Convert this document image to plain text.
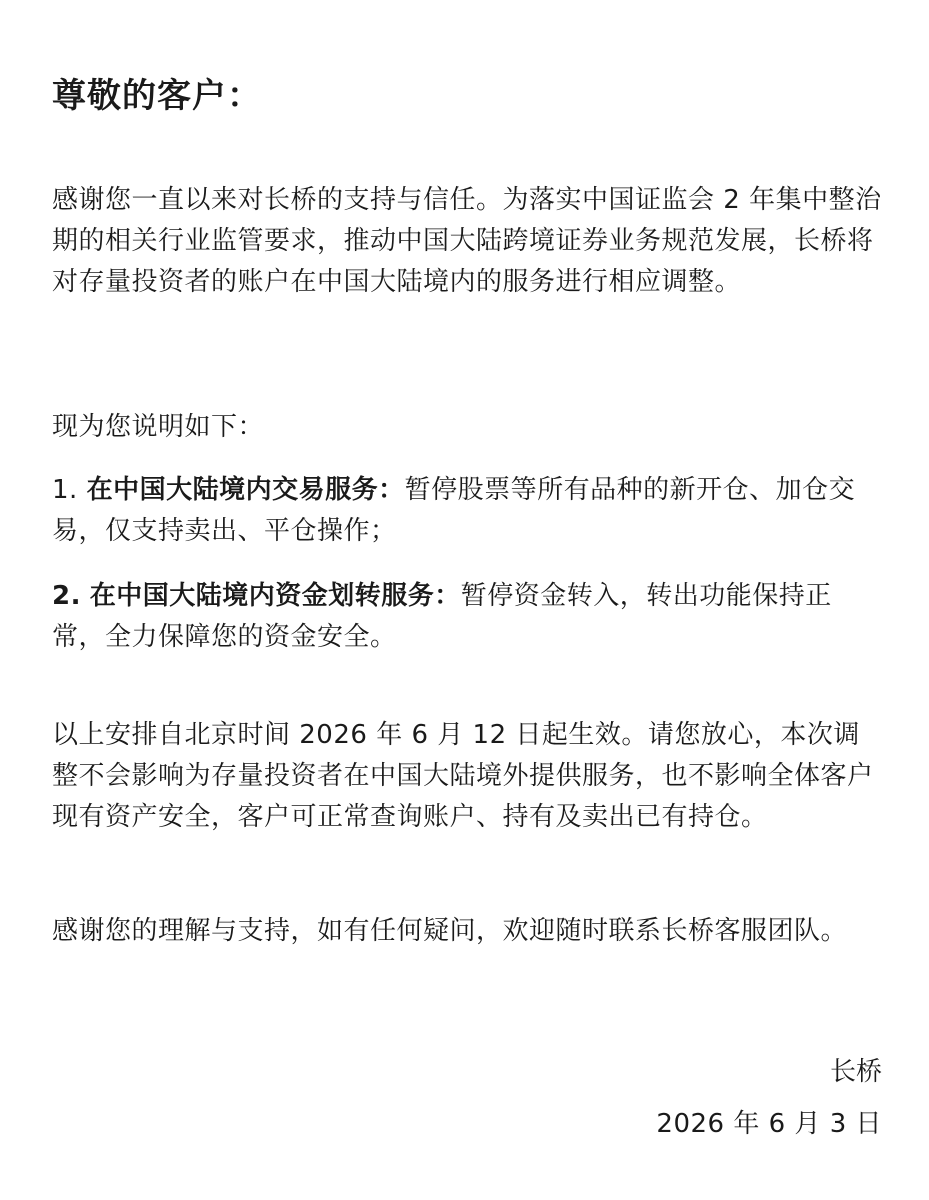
尊敬的客户：

感谢您一直以来对长桥的支持与信任。为落实中国证监会 2 年集中整治期的相关行业监管要求，推动中国大陆跨境证券业务规范发展，长桥将对存量投资者的账户在中国大陆境内的服务进行相应调整。

现为您说明如下：

1. 在中国大陆境内交易服务：暂停股票等所有品种的新开仓、加仓交易，仅支持卖出、平仓操作；

2. 在中国大陆境内资金划转服务：暂停资金转入，转出功能保持正常，全力保障您的资金安全。

以上安排自北京时间 2026 年 6 月 12 日起生效。请您放心，本次调整不会影响为存量投资者在中国大陆境外提供服务，也不影响全体客户现有资产安全，客户可正常查询账户、持有及卖出已有持仓。

感谢您的理解与支持，如有任何疑问，欢迎随时联系长桥客服团队。

长桥

2026 年 6 月 3 日
